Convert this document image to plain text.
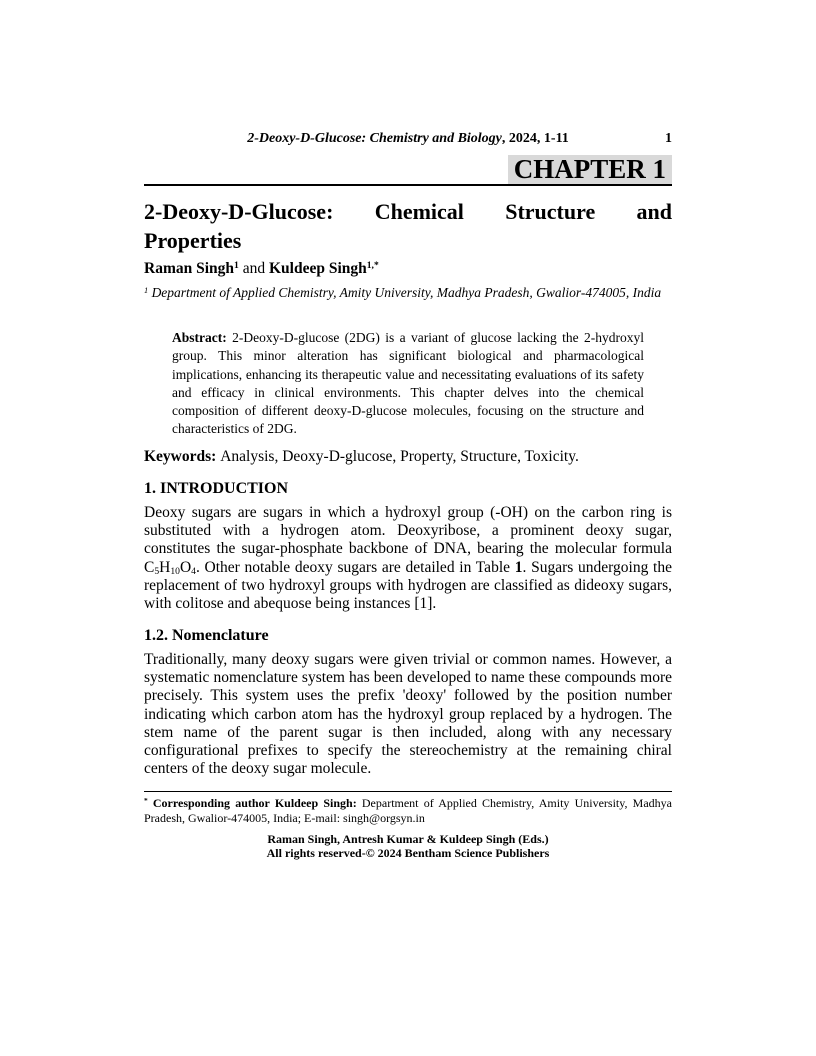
2-Deoxy-D-Glucose: Chemistry and Biology, 2024, 1-11	1
CHAPTER 1
2-Deoxy-D-Glucose: Chemical Structure and
Properties

Raman Singh$^1$ and Kuldeep Singh$^{1,*}$

$^1$ Department of Applied Chemistry, Amity University, Madhya Pradesh, Gwalior-474005, India

Abstract: 2-Deoxy-D-glucose (2DG) is a variant of glucose lacking the 2-hydroxyl group. This minor alteration has significant biological and pharmacological implications, enhancing its therapeutic value and necessitating evaluations of its safety and efficacy in clinical environments. This chapter delves into the chemical composition of different deoxy-D-glucose molecules, focusing on the structure and characteristics of 2DG.

Keywords: Analysis, Deoxy-D-glucose, Property, Structure, Toxicity.

1. INTRODUCTION

Deoxy sugars are sugars in which a hydroxyl group (-OH) on the carbon ring is substituted with a hydrogen atom. Deoxyribose, a prominent deoxy sugar, constitutes the sugar-phosphate backbone of DNA, bearing the molecular formula $C_5H_{10}O_4$. Other notable deoxy sugars are detailed in Table 1. Sugars undergoing the replacement of two hydroxyl groups with hydrogen are classified as dideoxy sugars, with colitose and abequose being instances [1].

1.2. Nomenclature

Traditionally, many deoxy sugars were given trivial or common names. However, a systematic nomenclature system has been developed to name these compounds more precisely. This system uses the prefix 'deoxy' followed by the position number indicating which carbon atom has the hydroxyl group replaced by a hydrogen. The stem name of the parent sugar is then included, along with any necessary configurational prefixes to specify the stereochemistry at the remaining chiral centers of the deoxy sugar molecule.

* Corresponding author Kuldeep Singh: Department of Applied Chemistry, Amity University, Madhya Pradesh, Gwalior-474005, India; E-mail: singh@orgsyn.in

Raman Singh, Antresh Kumar & Kuldeep Singh (Eds.)
All rights reserved-© 2024 Bentham Science Publishers
